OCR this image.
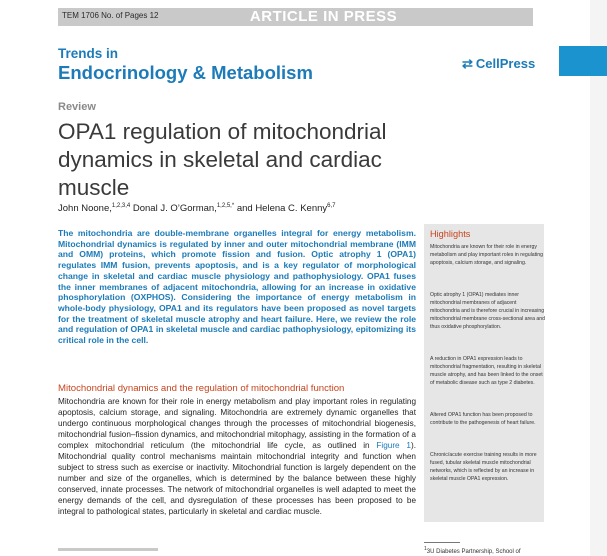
TEM 1706 No. of Pages 12	ARTICLE IN PRESS
Trends in
Endocrinology & Metabolism	⇄ CellPress
Review
OPA1 regulation of mitochondrial dynamics in skeletal and cardiac muscle
John Noone,$^{1,2,3,4}$ Donal J. O’Gorman,$^{1,2,5,*}$ and Helena C. Kenny$^{6,7}$

The mitochondria are double-membrane organelles integral for energy metabolism. Mitochondrial dynamics is regulated by inner and outer mitochondrial membrane (IMM and OMM) proteins, which promote fission and fusion. Optic atrophy 1 (OPA1) regulates IMM fusion, prevents apoptosis, and is a key regulator of morphological change in skeletal and cardiac muscle physiology and pathophysiology. OPA1 fuses the inner membranes of adjacent mitochondria, allowing for an increase in oxidative phosphorylation (OXPHOS). Considering the importance of energy metabolism in whole-body physiology, OPA1 and its regulators have been proposed as novel targets for the treatment of skeletal muscle atrophy and heart failure. Here, we review the role and regulation of OPA1 in skeletal muscle and cardiac pathophysiology, epitomizing its critical role in the cell.

Mitochondrial dynamics and the regulation of mitochondrial function

Mitochondria are known for their role in energy metabolism and play important roles in regulating apoptosis, calcium storage, and signaling. Mitochondria are extremely dynamic organelles that undergo continuous morphological changes through the processes of mitochondrial biogenesis, mitochondrial fusion–fission dynamics, and mitochondrial mitophagy, assisting in the formation of a complex mitochondrial reticulum (the mitochondrial life cycle, as outlined in Figure 1). Mitochondrial quality control mechanisms maintain mitochondrial integrity and function when subject to stress such as exercise or inactivity. Mitochondrial function is largely dependent on the number and size of the organelles, which is determined by the balance between these highly conserved, innate processes. The network of mitochondrial organelles is well adapted to meet the energy demands of the cell, and dysregulation of these processes has been proposed to be integral to pathological states, particularly in skeletal and cardiac muscle.

Highlights

Mitochondria are known for their role in energy metabolism and play important roles in regulating apoptosis, calcium storage, and signaling.

Optic atrophy 1 (OPA1) mediates inner mitochondrial membranes of adjacent mitochondria and is therefore crucial in increasing mitochondrial membrane cross-sectional area and thus oxidative phosphorylation.

A reduction in OPA1 expression leads to mitochondrial fragmentation, resulting in skeletal muscle atrophy, and has been linked to the onset of metabolic disease such as type 2 diabetes.

Altered OPA1 function has been proposed to contribute to the pathogenesis of heart failure.

Chronic/acute exercise training results in more fused, tubular skeletal muscle mitochondrial networks, which is reflected by an increase in skeletal muscle OPA1 expression.

$^1$3U Diabetes Partnership, School of
